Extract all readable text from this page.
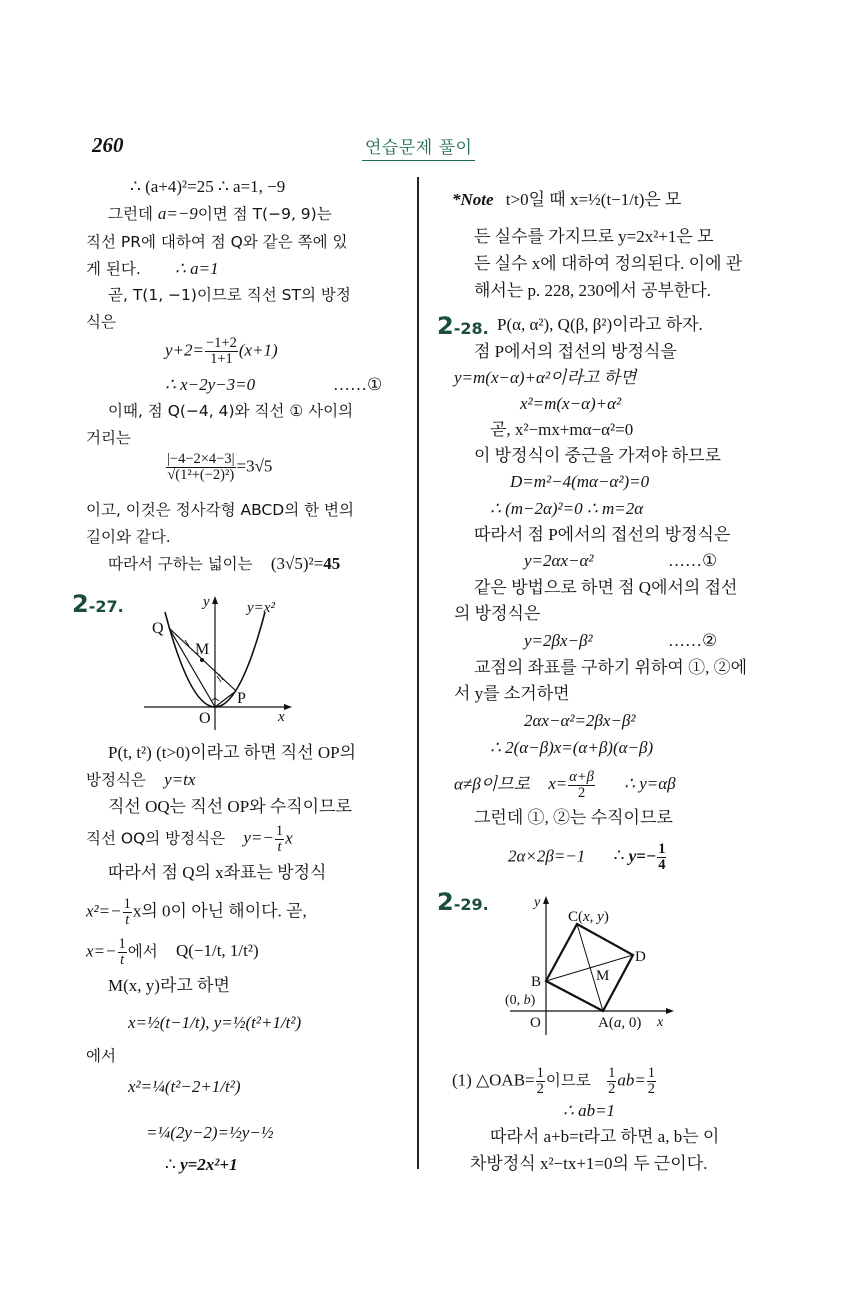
260	연습문제 풀이
∴ (a+4)²=25 ∴ a=1, −9
그런데 a=−9이면 점 T(−9, 9)는
직선 PR에 대하여 점 Q와 같은 쪽에 있
게 된다. ∴ a=1
곧, T(1, −1)이므로 직선 ST의 방정
식은
$y+2= \frac{-1+2}{1+1} (x+1)$
∴ x−2y−3=0	……①
이때, 점 Q(−4, 4)와 직선 ① 사이의
거리는
$\frac{|-4-2\times 4-3|}{\text{√(1²+(−2)²)}} =3√5$
이고, 이것은 정사각형 ABCD의 한 변의
길이와 같다.
따라서 구하는 넓이는 (3√5)²=45
2-27.
Q
M
P
O	x
y y=x²
P(t, t²) (t>0)이라고 하면 직선 OP의
방정식은 y=tx
직선 OQ는 직선 OP와 수직이므로
직선 OQ의 방정식은 $y=- \frac{1}{t}$ x
따라서 점 Q의 x좌표는 방정식
$x^2=- \frac{1}{t}$ x의 0이 아닌 해이다. 곧,
$x=- \frac{1}{t}$ 에서 Q(−1/t, 1/t²)
M(x, y)라고 하면
x=½(t−1/t), y=½(t²+1/t²)
에서
x²=¼(t²−2+1/t²)
=¼(2y−2)=½y−½
∴ y=2x²+1
*Note t>0일 때 x=½(t−1/t)은 모
든 실수를 가지므로 y=2x²+1은 모
든 실수 x에 대하여 정의된다. 이에 관
해서는 p. 228, 230에서 공부한다.
2-28. P(α, α²), Q(β, β²)이라고 하자.
점 P에서의 접선의 방정식을
y=m(x−α)+α²이라고 하면
x²=m(x−α)+α²
곧, x²−mx+mα−α²=0
이 방정식이 중근을 가져야 하므로
D=m²−4(mα−α²)=0
∴ (m−2α)²=0 ∴ m=2α
따라서 점 P에서의 접선의 방정식은
y=2αx−α²	……①
같은 방법으로 하면 점 Q에서의 접선
의 방정식은
y=2βx−β²	……②
교점의 좌표를 구하기 위하여 ①, ②에
서 y를 소거하면
2αx−α²=2βx−β²
∴ 2(α−β)x=(α+β)(α−β)
α≠β이므로 $x= \frac{\alpha+\beta}{2}$ ∴ y=αβ
그런데 ①, ②는 수직이므로
2α×2β=−1 ∴ $y=- \frac{1}{4}$
2-29.
C(x, y)
D
B
(0, b)
M
O	A(a, 0) x
y
(1) △OAB= $\frac{1}{2}$ 이므로 $\frac{1}{2} ab= \frac{1}{2}$
∴ ab=1
따라서 a+b=t라고 하면 a, b는 이
차방정식 x²−tx+1=0의 두 근이다.
